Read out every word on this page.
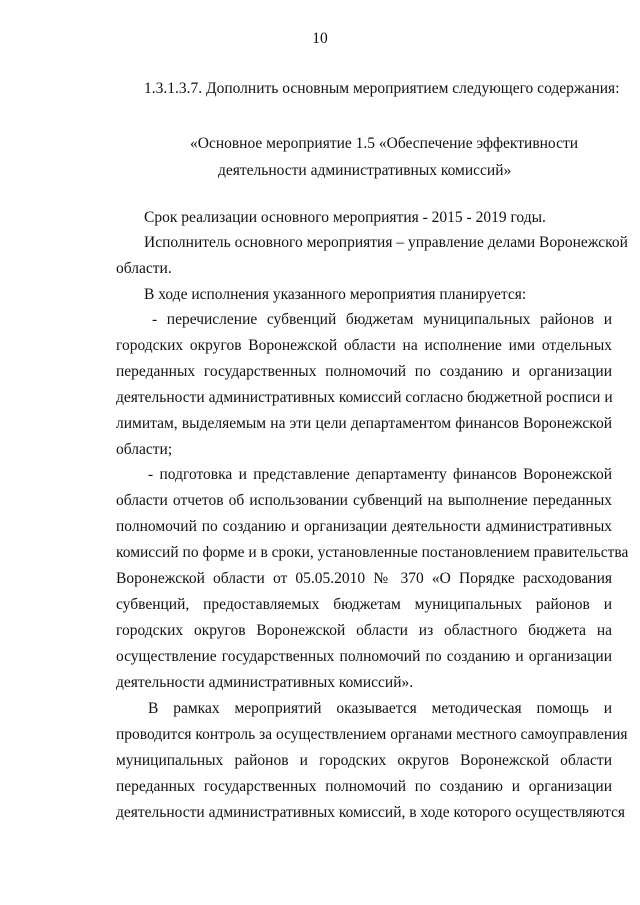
10
1.3.1.3.7. Дополнить основным мероприятием следующего содержания:
«Основное мероприятие 1.5 «Обеспечение эффективности
деятельности административных комиссий»
Срок реализации основного мероприятия - 2015 - 2019 годы.
Исполнитель основного мероприятия – управление делами Воронежской
области.
В ходе исполнения указанного мероприятия планируется:
- перечисление субвенций бюджетам муниципальных районов и
городских округов Воронежской области на исполнение ими отдельных
переданных государственных полномочий по созданию и организации
деятельности административных комиссий согласно бюджетной росписи и
лимитам, выделяемым на эти цели департаментом финансов Воронежской
области;
- подготовка и представление департаменту финансов Воронежской
области отчетов об использовании субвенций на выполнение переданных
полномочий по созданию и организации деятельности административных
комиссий по форме и в сроки, установленные постановлением правительства
Воронежской области от 05.05.2010 № 370 «О Порядке расходования
субвенций, предоставляемых бюджетам муниципальных районов и
городских округов Воронежской области из областного бюджета на
осуществление государственных полномочий по созданию и организации
деятельности административных комиссий».
В рамках мероприятий оказывается методическая помощь и
проводится контроль за осуществлением органами местного самоуправления
муниципальных районов и городских округов Воронежской области
переданных государственных полномочий по созданию и организации
деятельности административных комиссий, в ходе которого осуществляются
